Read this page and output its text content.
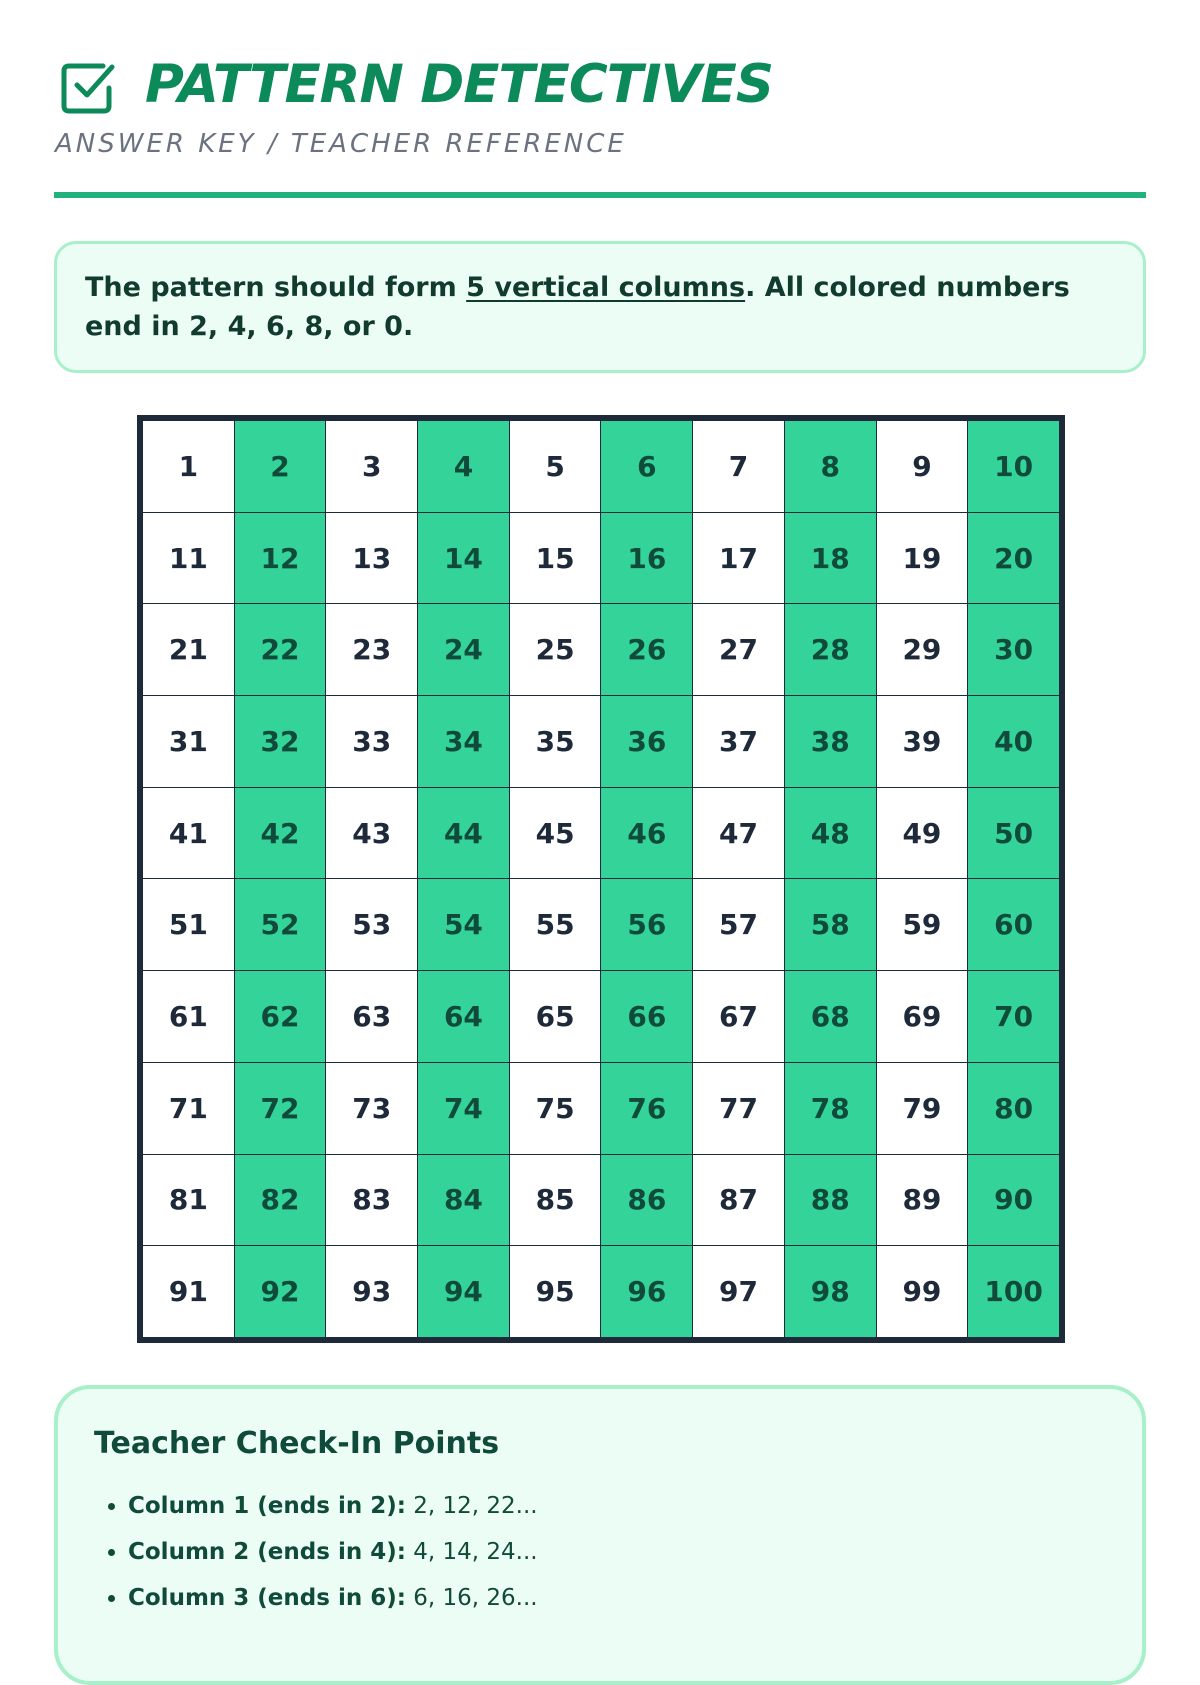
PATTERN DETECTIVES
ANSWER KEY / TEACHER REFERENCE
The pattern should form 5 vertical columns. All colored numbers end in 2, 4, 6, 8, or 0.
1	2	3	4	5	6	7	8	9	10
11	12	13	14	15	16	17	18	19	20
21	22	23	24	25	26	27	28	29	30
31	32	33	34	35	36	37	38	39	40
41	42	43	44	45	46	47	48	49	50
51	52	53	54	55	56	57	58	59	60
61	62	63	64	65	66	67	68	69	70
71	72	73	74	75	76	77	78	79	80
81	82	83	84	85	86	87	88	89	90
91	92	93	94	95	96	97	98	99	100
Teacher Check-In Points
• Column 1 (ends in 2): 2, 12, 22...
• Column 2 (ends in 4): 4, 14, 24...
• Column 3 (ends in 6): 6, 16, 26...
